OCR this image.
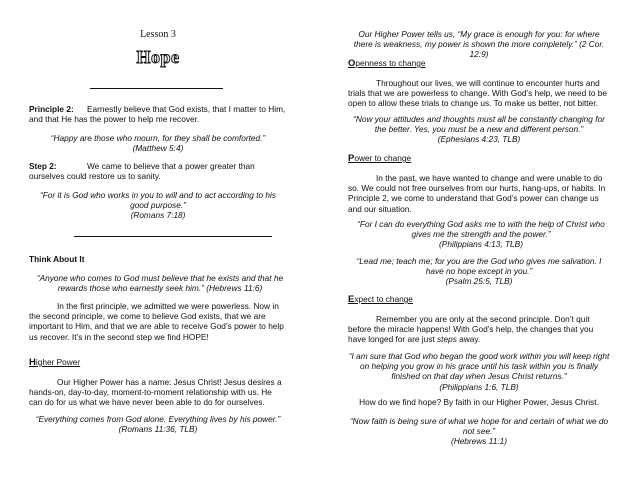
Lesson 3
Hope
Principle 2: Earnestly believe that God exists, that I matter to Him, and that He has the power to help me recover.
“Happy are those who mourn, for they shall be comforted.”
(Matthew 5:4)
Step 2:	We came to believe that a power greater than ourselves could restore us to sanity.
“For it is God who works in you to will and to act according to his good purpose.”
(Romans 7:18)
Think About It
“Anyone who comes to God must believe that he exists and that he rewards those who earnestly seek him.” (Hebrews 11:6)

In the first principle, we admitted we were powerless. Now in the second principle, we come to believe God exists, that we are important to Him, and that we are able to receive God’s power to help us recover. It’s in the second step we find HOPE!

Higher Power

Our Higher Power has a name: Jesus Christ! Jesus desires a hands-on, day-to-day, moment-to-moment relationship with us. He can do for us what we have never been able to do for ourselves.

“Everything comes from God alone. Everything lives by his power.”
(Romans 11:36, TLB)
Our Higher Power tells us, “My grace is enough for you: for where there is weakness, my power is shown the more completely.” (2 Cor. 12:9)
Openness to change

Throughout our lives, we will continue to encounter hurts and trials that we are powerless to change. With God’s help, we need to be open to allow these trials to change us. To make us better, not bitter.

“Now your attitudes and thoughts must all be constantly changing for the better. Yes, you must be a new and different person.”
(Ephesians 4:23, TLB)
Power to change

In the past, we have wanted to change and were unable to do so. We could not free ourselves from our hurts, hang-ups, or habits. In Principle 2, we come to understand that God’s power can change us and our situation.

“For I can do everything God asks me to with the help of Christ who gives me the strength and the power.”
(Philippians 4:13, TLB)
“Lead me; teach me; for you are the God who gives me salvation. I have no hope except in you.”
(Psalm 25:5, TLB)
Expect to change

Remember you are only at the second principle. Don’t quit before the miracle happens! With God’s help, the changes that you have longed for are just steps away.

“I am sure that God who began the good work within you will keep right on helping you grow in his grace until his task within you is finally finished on that day when Jesus Christ returns.”
(Philippians 1:6, TLB)
How do we find hope? By faith in our Higher Power, Jesus Christ.
“Now faith is being sure of what we hope for and certain of what we do not see.”
(Hebrews 11:1)
